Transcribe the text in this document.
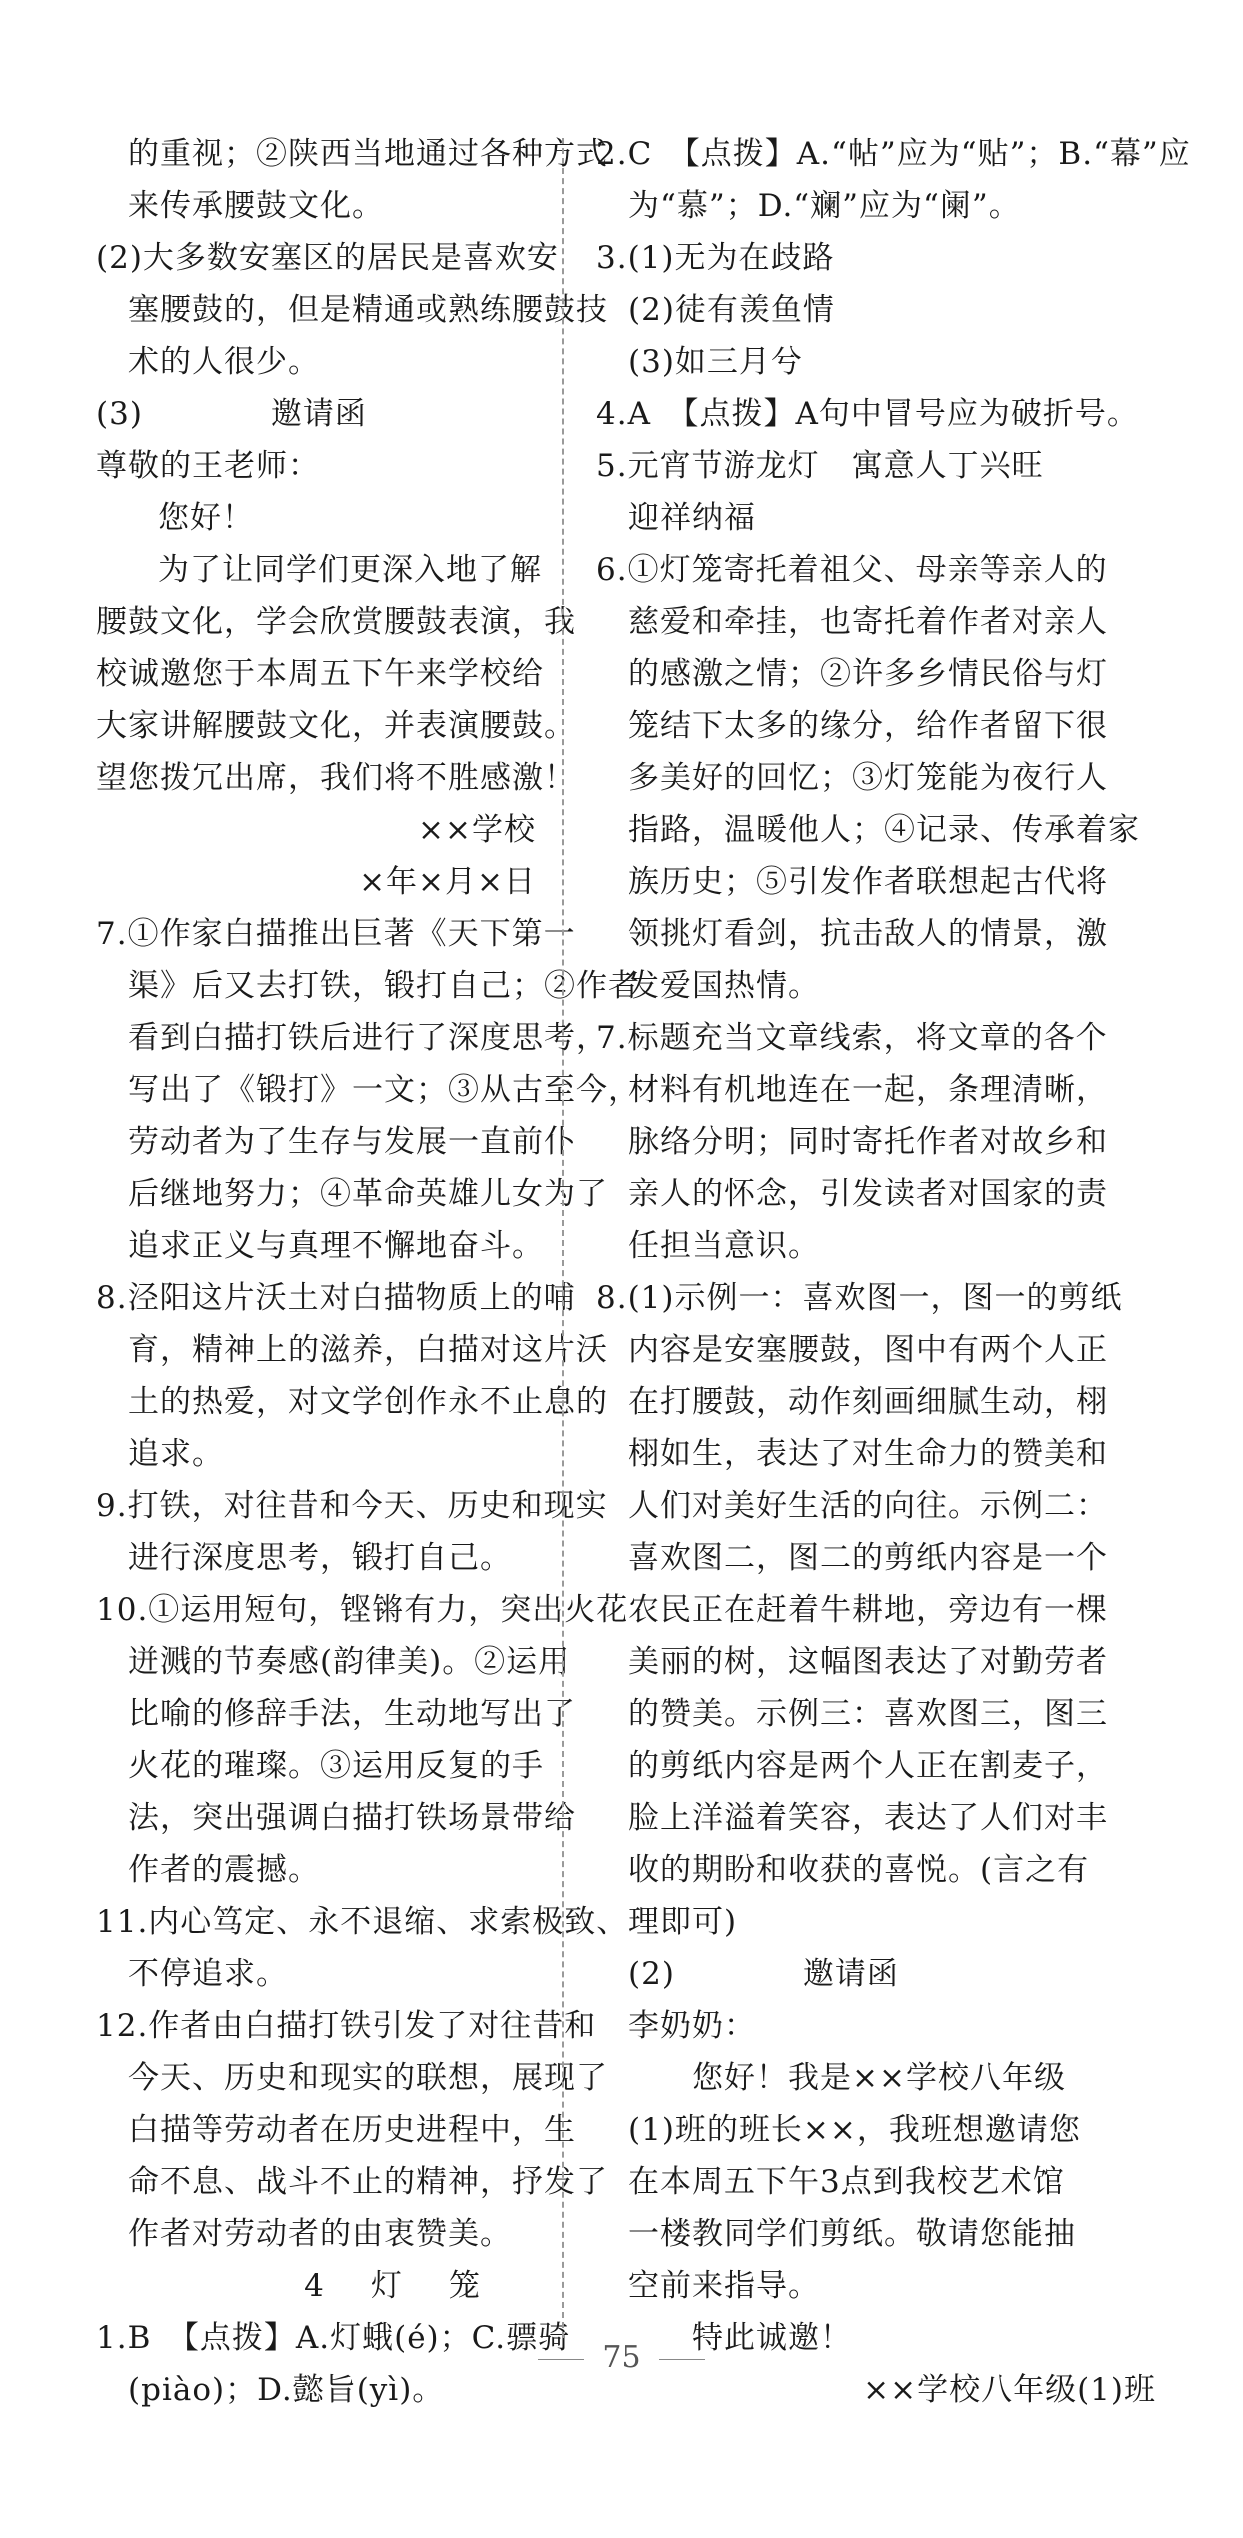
的重视；②陕西当地通过各种方式
来传承腰鼓文化。
(2)大多数安塞区的居民是喜欢安
塞腰鼓的，但是精通或熟练腰鼓技
术的人很少。
(3)　　　　邀请函
尊敬的王老师：
您好！
为了让同学们更深入地了解
腰鼓文化，学会欣赏腰鼓表演，我
校诚邀您于本周五下午来学校给
大家讲解腰鼓文化，并表演腰鼓。
望您拨冗出席，我们将不胜感激！
××学校
×年×月×日
7.①作家白描推出巨著《天下第一
渠》后又去打铁，锻打自己；②作者
看到白描打铁后进行了深度思考，
写出了《锻打》一文；③从古至今，
劳动者为了生存与发展一直前仆
后继地努力；④革命英雄儿女为了
追求正义与真理不懈地奋斗。
8.泾阳这片沃土对白描物质上的哺
育，精神上的滋养，白描对这片沃
土的热爱，对文学创作永不止息的
追求。
9.打铁，对往昔和今天、历史和现实
进行深度思考，锻打自己。
10.①运用短句，铿锵有力，突出火花
迸溅的节奏感(韵律美)。②运用
比喻的修辞手法，生动地写出了
火花的璀璨。③运用反复的手
法，突出强调白描打铁场景带给
作者的震撼。
11.内心笃定、永不退缩、求索极致、
不停追求。
12.作者由白描打铁引发了对往昔和
今天、历史和现实的联想，展现了
白描等劳动者在历史进程中，生
命不息、战斗不止的精神，抒发了
作者对劳动者的由衷赞美。
4　灯　笼
1.B　【点拨】A.灯蛾(é)；C.骠骑
(piào)；D.懿旨(yì)。
2.C　【点拨】A.“帖”应为“贴”；B.“幕”应
为“慕”；D.“斓”应为“阑”。
3.(1)无为在歧路
(2)徒有羡鱼情
(3)如三月兮
4.A　【点拨】A句中冒号应为破折号。
5.元宵节游龙灯　寓意人丁兴旺
迎祥纳福
6.①灯笼寄托着祖父、母亲等亲人的
慈爱和牵挂，也寄托着作者对亲人
的感激之情；②许多乡情民俗与灯
笼结下太多的缘分，给作者留下很
多美好的回忆；③灯笼能为夜行人
指路，温暖他人；④记录、传承着家
族历史；⑤引发作者联想起古代将
领挑灯看剑，抗击敌人的情景，激
发爱国热情。
7.标题充当文章线索，将文章的各个
材料有机地连在一起，条理清晰，
脉络分明；同时寄托作者对故乡和
亲人的怀念，引发读者对国家的责
任担当意识。
8.(1)示例一：喜欢图一，图一的剪纸
内容是安塞腰鼓，图中有两个人正
在打腰鼓，动作刻画细腻生动，栩
栩如生，表达了对生命力的赞美和
人们对美好生活的向往。示例二：
喜欢图二，图二的剪纸内容是一个
农民正在赶着牛耕地，旁边有一棵
美丽的树，这幅图表达了对勤劳者
的赞美。示例三：喜欢图三，图三
的剪纸内容是两个人正在割麦子，
脸上洋溢着笑容，表达了人们对丰
收的期盼和收获的喜悦。(言之有
理即可)
(2)　　　　邀请函
李奶奶：
您好！我是××学校八年级
(1)班的班长××，我班想邀请您
在本周五下午3点到我校艺术馆
一楼教同学们剪纸。敬请您能抽
空前来指导。
特此诚邀！
××学校八年级(1)班
75
